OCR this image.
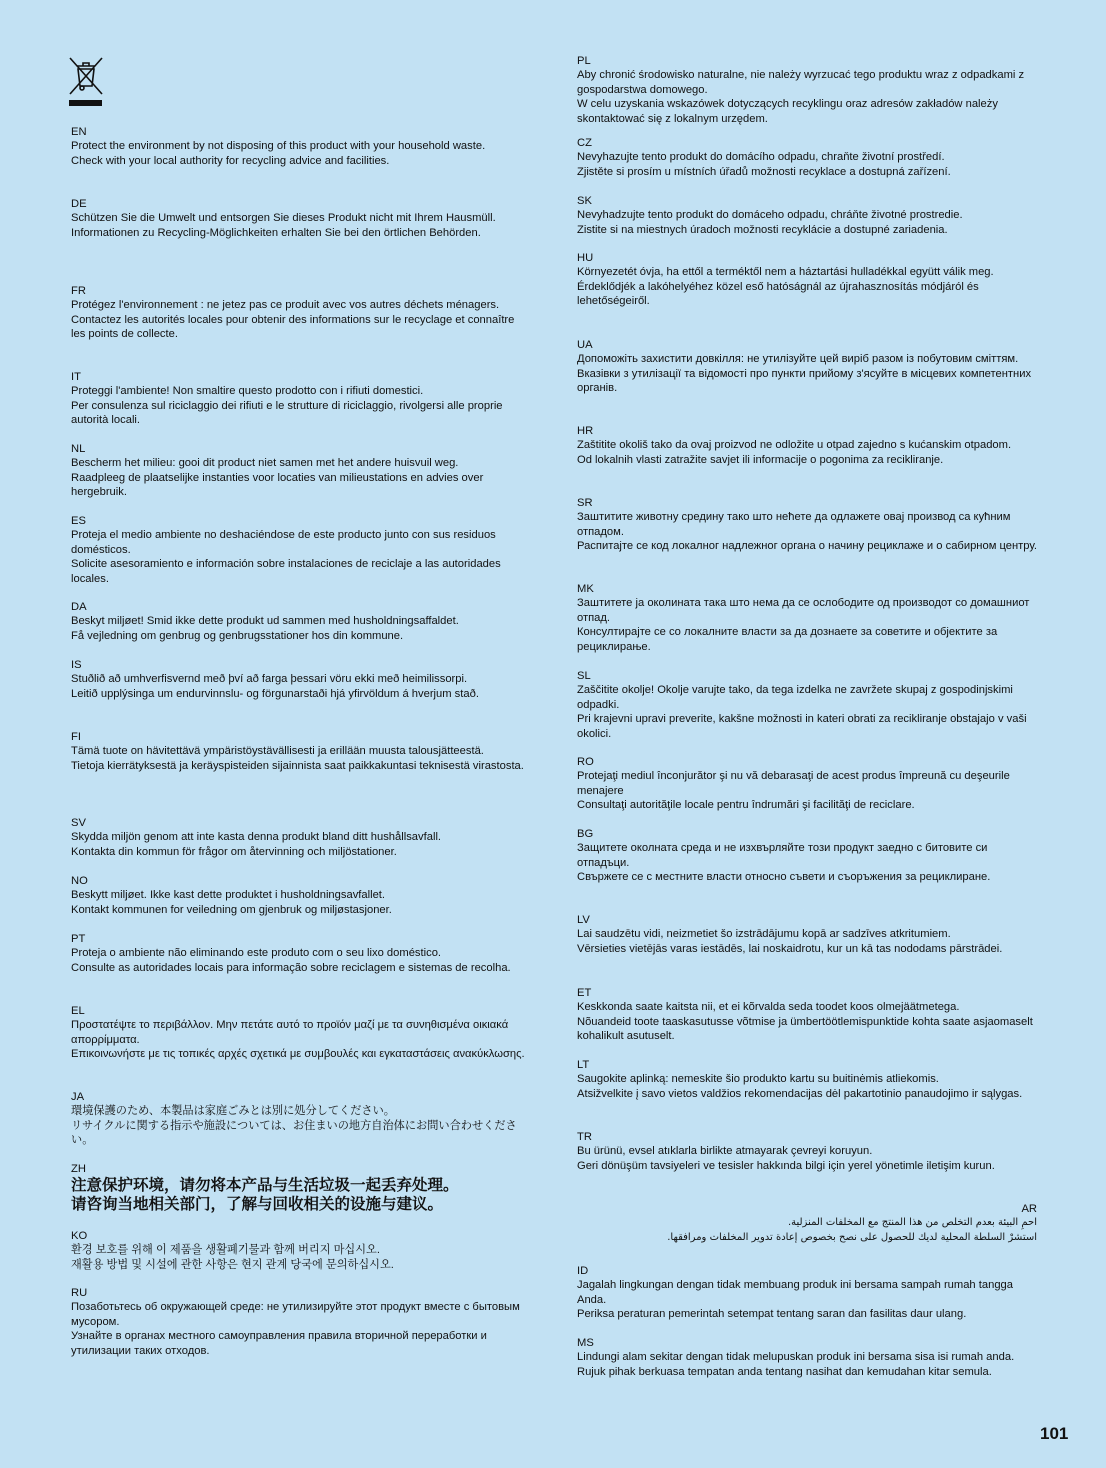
EN
Protect the environment by not disposing of this product with your household waste.
Check with your local authority for recycling advice and facilities.
DE
Schützen Sie die Umwelt und entsorgen Sie dieses Produkt nicht mit Ihrem Hausmüll.
Informationen zu Recycling-Möglichkeiten erhalten Sie bei den örtlichen Behörden.
FR
Protégez l'environnement : ne jetez pas ce produit avec vos autres déchets ménagers.
Contactez les autorités locales pour obtenir des informations sur le recyclage et connaître les points de collecte.
IT
Proteggi l'ambiente! Non smaltire questo prodotto con i rifiuti domestici.
Per consulenza sul riciclaggio dei rifiuti e le strutture di riciclaggio, rivolgersi alle proprie autorità locali.
NL
Bescherm het milieu: gooi dit product niet samen met het andere huisvuil weg.
Raadpleeg de plaatselijke instanties voor locaties van milieustations en advies over hergebruik.
ES
Proteja el medio ambiente no deshaciéndose de este producto junto con sus residuos domésticos.
Solicite asesoramiento e información sobre instalaciones de reciclaje a las autoridades locales.
DA
Beskyt miljøet! Smid ikke dette produkt ud sammen med husholdningsaffaldet.
Få vejledning om genbrug og genbrugsstationer hos din kommune.
IS
Stuðlið að umhverfisvernd með því að farga þessari vöru ekki með heimilissorpi.
Leitið upplýsinga um endurvinnslu- og förgunarstaði hjá yfirvöldum á hverjum stað.
FI
Tämä tuote on hävitettävä ympäristöystävällisesti ja erillään muusta talousjätteestä.
Tietoja kierrätyksestä ja keräyspisteiden sijainnista saat paikkakuntasi teknisestä virastosta.
SV
Skydda miljön genom att inte kasta denna produkt bland ditt hushållsavfall.
Kontakta din kommun för frågor om återvinning och miljöstationer.
NO
Beskytt miljøet. Ikke kast dette produktet i husholdningsavfallet.
Kontakt kommunen for veiledning om gjenbruk og miljøstasjoner.
PT
Proteja o ambiente não eliminando este produto com o seu lixo doméstico.
Consulte as autoridades locais para informação sobre reciclagem e sistemas de recolha.
EL
Προστατέψτε το περιβάλλον. Μην πετάτε αυτό το προϊόν μαζί με τα συνηθισμένα οικιακά απορρίμματα.
Επικοινωνήστε με τις τοπικές αρχές σχετικά με συμβουλές και εγκαταστάσεις ανακύκλωσης.
JA
環境保護のため、本製品は家庭ごみとは別に処分してください。
リサイクルに関する指示や施設については、お住まいの地方自治体にお問い合わせください。
ZH
注意保护环境，请勿将本产品与生活垃圾一起丢弃处理。
请咨询当地相关部门，了解与回收相关的设施与建议。
KO
환경 보호를 위해 이 제품을 생활폐기물과 함께 버리지 마십시오.
재활용 방법 및 시설에 관한 사항은 현지 관계 당국에 문의하십시오.
RU
Позаботьтесь об окружающей среде: не утилизируйте этот продукт вместе с бытовым мусором.
Узнайте в органах местного самоуправления правила вторичной переработки и утилизации таких отходов.
PL
Aby chronić środowisko naturalne, nie należy wyrzucać tego produktu wraz z odpadkami z gospodarstwa domowego.
W celu uzyskania wskazówek dotyczących recyklingu oraz adresów zakładów należy skontaktować się z lokalnym urzędem.
CZ
Nevyhazujte tento produkt do domácího odpadu, chraňte životní prostředí.
Zjistěte si prosím u místních úřadů možnosti recyklace a dostupná zařízení.
SK
Nevyhadzujte tento produkt do domáceho odpadu, chráňte životné prostredie.
Zistite si na miestnych úradoch možnosti recyklácie a dostupné zariadenia.
HU
Környezetét óvja, ha ettől a terméktől nem a háztartási hulladékkal együtt válik meg.
Érdeklődjék a lakóhelyéhez közel eső hatóságnál az újrahasznosítás módjáról és lehetőségeiről.
UA
Допоможіть захистити довкілля: не утилізуйте цей виріб разом із побутовим сміттям.
Вказівки з утилізації та відомості про пункти прийому з'ясуйте в місцевих компетентних органів.
HR
Zaštitite okoliš tako da ovaj proizvod ne odložite u otpad zajedno s kućanskim otpadom.
Od lokalnih vlasti zatražite savjet ili informacije o pogonima za recikliranje.
SR
Заштитите животну средину тако што нећете да одлажете овај производ са кућним отпадом.
Распитајте се код локалног надлежног органа о начину рециклаже и о сабирном центру.
MK
Заштитете ја околината така што нема да се ослободите од производот со домашниот отпад.
Консултирајте се со локалните власти за да дознаете за советите и објектите за рециклирање.
SL
Zaščitite okolje! Okolje varujte tako, da tega izdelka ne zavržete skupaj z gospodinjskimi odpadki.
Pri krajevni upravi preverite, kakšne možnosti in kateri obrati za recikliranje obstajajo v vaši okolici.
RO
Protejaţi mediul înconjurător şi nu vă debarasaţi de acest produs împreună cu deşeurile menajere
Consultaţi autorităţile locale pentru îndrumări şi facilităţi de reciclare.
BG
Защитете околната среда и не изхвърляйте този продукт заедно с битовите си отпадъци.
Свържете се с местните власти относно съвети и съоръжения за рециклиране.
LV
Lai saudzētu vidi, neizmetiet šo izstrādājumu kopā ar sadzīves atkritumiem.
Vērsieties vietējās varas iestādēs, lai noskaidrotu, kur un kā tas nododams pārstrādei.
ET
Keskkonda saate kaitsta nii, et ei kõrvalda seda toodet koos olmejäätmetega.
Nõuandeid toote taaskasutusse võtmise ja ümbertöötlemispunktide kohta saate asjaomaselt kohalikult asutuselt.
LT
Saugokite aplinką: nemeskite šio produkto kartu su buitinėmis atliekomis.
Atsižvelkite į savo vietos valdžios rekomendacijas dėl pakartotinio panaudojimo ir sąlygas.
TR
Bu ürünü, evsel atıklarla birlikte atmayarak çevreyi koruyun.
Geri dönüşüm tavsiyeleri ve tesisler hakkında bilgi için yerel yönetimle iletişim kurun.
AR
احمِ البيئة بعدم التخلص من هذا المنتج مع المخلفات المنزلية.
استشرْ السلطة المحلية لديك للحصول على نصح بخصوص إعادة تدوير المخلفات ومرافقها.
ID
Jagalah lingkungan dengan tidak membuang produk ini bersama sampah rumah tangga Anda.
Periksa peraturan pemerintah setempat tentang saran dan fasilitas daur ulang.
MS
Lindungi alam sekitar dengan tidak melupuskan produk ini bersama sisa isi rumah anda.
Rujuk pihak berkuasa tempatan anda tentang nasihat dan kemudahan kitar semula.
101
